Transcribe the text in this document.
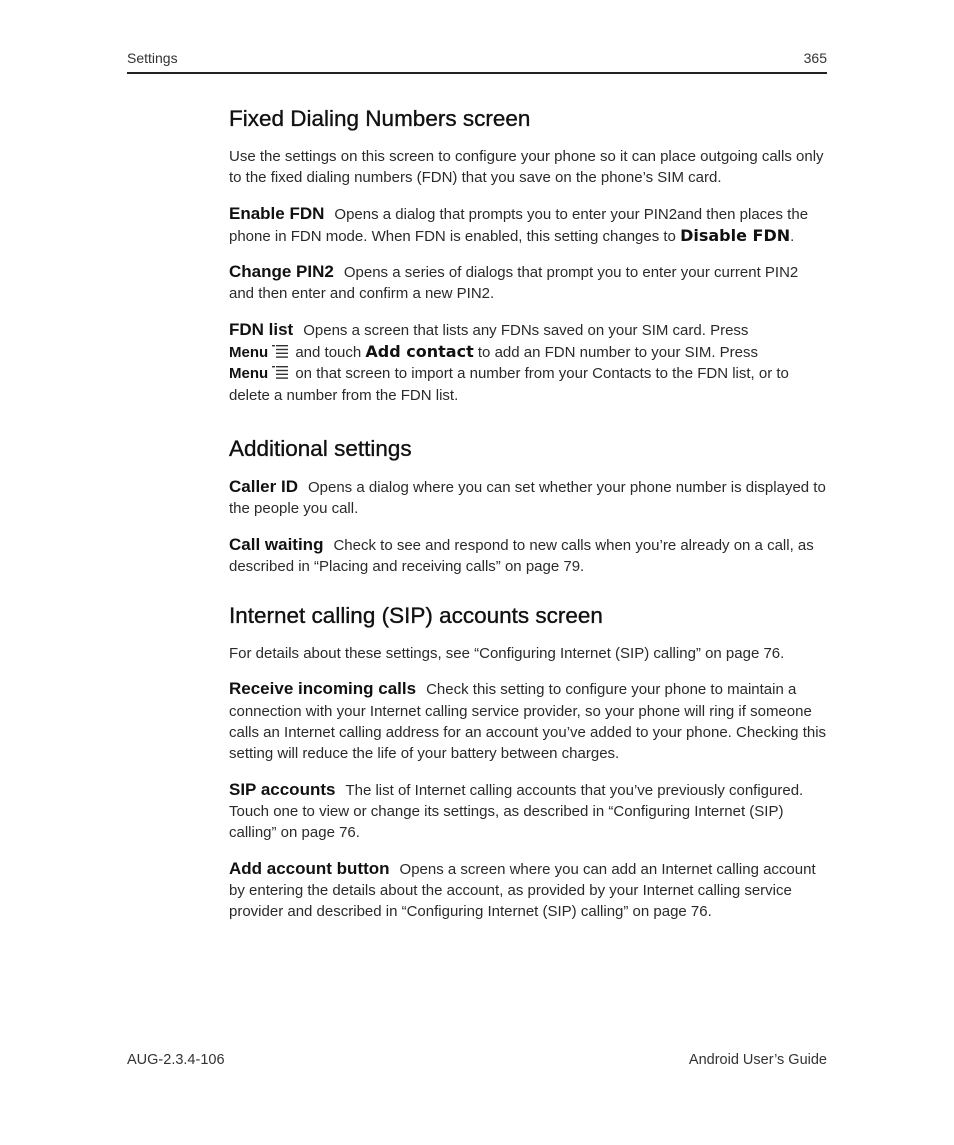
Settings	365
Fixed Dialing Numbers screen

Use the settings on this screen to configure your phone so it can place outgoing calls only to the fixed dialing numbers (FDN) that you save on the phone’s SIM card.

Enable FDN Opens a dialog that prompts you to enter your PIN2and then places the phone in FDN mode. When FDN is enabled, this setting changes to Disable FDN.

Change PIN2 Opens a series of dialogs that prompt you to enter your current PIN2 and then enter and confirm a new PIN2.

FDN list Opens a screen that lists any FDNs saved on your SIM card. Press
Menu and touch Add contact to add an FDN number to your SIM. Press
Menu on that screen to import a number from your Contacts to the FDN list, or to delete a number from the FDN list.

Additional settings

Caller ID Opens a dialog where you can set whether your phone number is displayed to the people you call.

Call waiting Check to see and respond to new calls when you’re already on a call, as described in “Placing and receiving calls” on page 79.

Internet calling (SIP) accounts screen

For details about these settings, see “Configuring Internet (SIP) calling” on page 76.

Receive incoming calls Check this setting to configure your phone to maintain a connection with your Internet calling service provider, so your phone will ring if someone calls an Internet calling address for an account you’ve added to your phone. Checking this setting will reduce the life of your battery between charges.

SIP accounts The list of Internet calling accounts that you’ve previously configured. Touch one to view or change its settings, as described in “Configuring Internet (SIP) calling” on page 76.

Add account button Opens a screen where you can add an Internet calling account by entering the details about the account, as provided by your Internet calling service provider and described in “Configuring Internet (SIP) calling” on page 76.

AUG-2.3.4-106	Android User’s Guide
